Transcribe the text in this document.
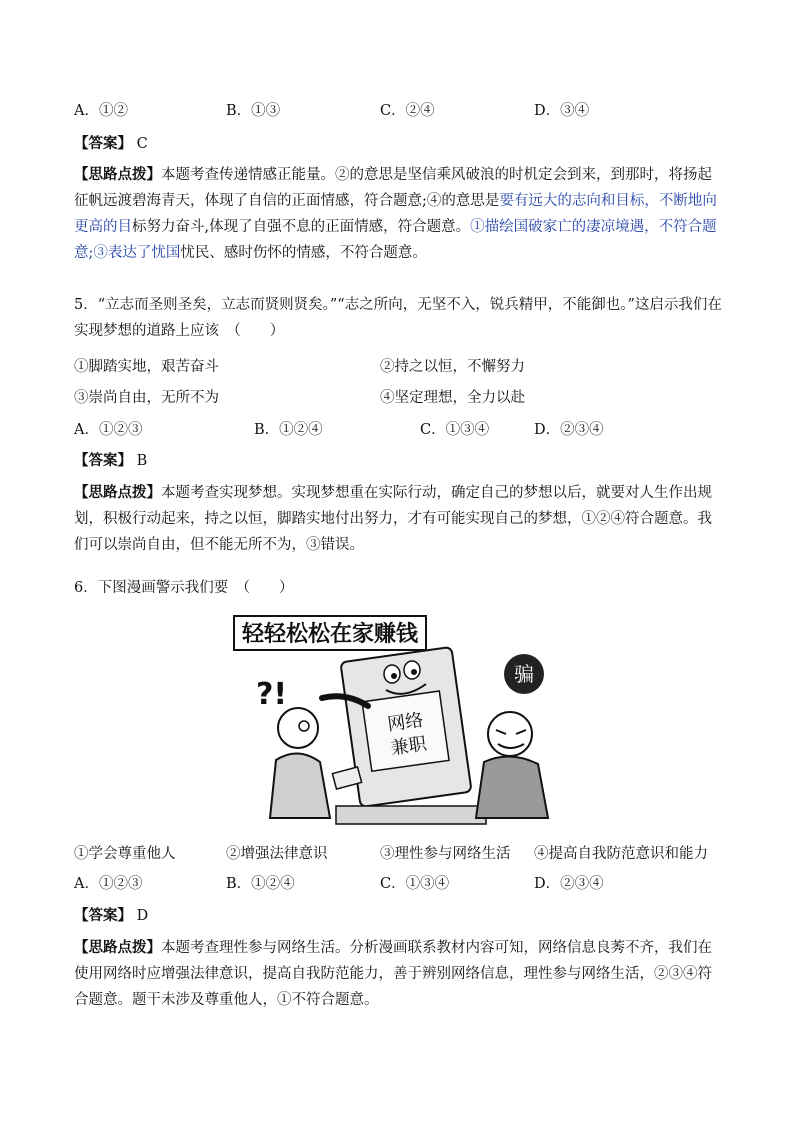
A．①②	B．①③	C．②④	D．③④
【答案】 C
【思路点拨】本题考查传递情感正能量。②的意思是坚信乘风破浪的时机定会到来，到那时，将扬起征帆远渡碧海青天，体现了自信的正面情感，符合题意;④的意思是要有远大的志向和目标，不断地向更高的目标努力奋斗,体现了自强不息的正面情感，符合题意。①描绘国破家亡的凄凉境遇，不符合题意;③表达了忧国忧民、感时伤怀的情感，不符合题意。
5．“立志而圣则圣矣，立志而贤则贤矣。”“志之所向，无坚不入，锐兵精甲，不能御也。”这启示我们在实现梦想的道路上应该　（　　）
①脚踏实地，艰苦奋斗	②持之以恒，不懈努力
③崇尚自由，无所不为	④坚定理想，全力以赴
A．①②③	B．①②④	C．①③④	D．②③④
【答案】 B
【思路点拨】本题考查实现梦想。实现梦想重在实际行动，确定自己的梦想以后，就要对人生作出规划，积极行动起来，持之以恒，脚踏实地付出努力，才有可能实现自己的梦想，①②④符合题意。我们可以崇尚自由，但不能无所不为，③错误。
6．下图漫画警示我们要　（　　）
轻轻松松在家赚钱
网络
兼职
?!
骗
①学会尊重他人	②增强法律意识	③理性参与网络生活 ④提高自我防范意识和能力
A．①②③	B．①②④	C．①③④	D．②③④
【答案】 D
【思路点拨】本题考查理性参与网络生活。分析漫画联系教材内容可知，网络信息良莠不齐，我们在使用网络时应增强法律意识，提高自我防范能力，善于辨别网络信息，理性参与网络生活，②③④符合题意。题干未涉及尊重他人，①不符合题意。
